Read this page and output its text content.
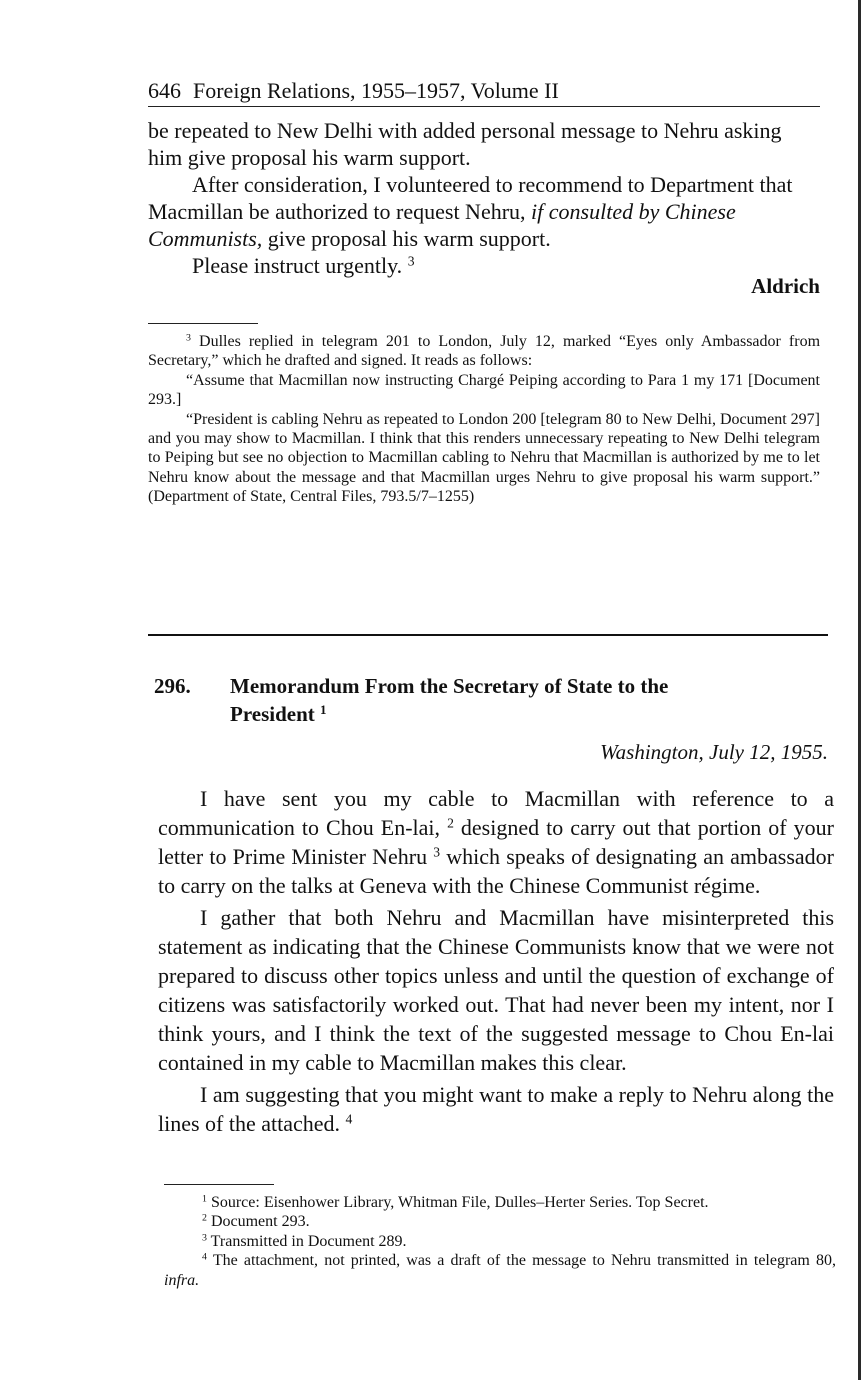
646 Foreign Relations, 1955–1957, Volume II

be repeated to New Delhi with added personal message to Nehru asking him give proposal his warm support.

After consideration, I volunteered to recommend to Department that Macmillan be authorized to request Nehru, if consulted by Chinese Communists, give proposal his warm support.

Please instruct urgently. $^3$

Aldrich

$^3$ Dulles replied in telegram 201 to London, July 12, marked “Eyes only Ambassador from Secretary,” which he drafted and signed. It reads as follows:

“Assume that Macmillan now instructing Chargé Peiping according to Para 1 my 171 [Document 293.]

“President is cabling Nehru as repeated to London 200 [telegram 80 to New Delhi, Document 297] and you may show to Macmillan. I think that this renders unnecessary repeating to New Delhi telegram to Peiping but see no objection to Macmillan cabling to Nehru that Macmillan is authorized by me to let Nehru know about the message and that Macmillan urges Nehru to give proposal his warm support.” (Department of State, Central Files, 793.5/7–1255)

296.	Memorandum From the Secretary of State to the President $^1$
Washington, July 12, 1955.

I have sent you my cable to Macmillan with reference to a communication to Chou En-lai, $^2$ designed to carry out that portion of your letter to Prime Minister Nehru $^3$ which speaks of designating an ambassador to carry on the talks at Geneva with the Chinese Communist régime.

I gather that both Nehru and Macmillan have misinterpreted this statement as indicating that the Chinese Communists know that we were not prepared to discuss other topics unless and until the question of exchange of citizens was satisfactorily worked out. That had never been my intent, nor I think yours, and I think the text of the suggested message to Chou En-lai contained in my cable to Macmillan makes this clear.

I am suggesting that you might want to make a reply to Nehru along the lines of the attached. $^4$

$^1$ Source: Eisenhower Library, Whitman File, Dulles–Herter Series. Top Secret.

$^2$ Document 293.

$^3$ Transmitted in Document 289.

$^4$ The attachment, not printed, was a draft of the message to Nehru transmitted in telegram 80, infra.
